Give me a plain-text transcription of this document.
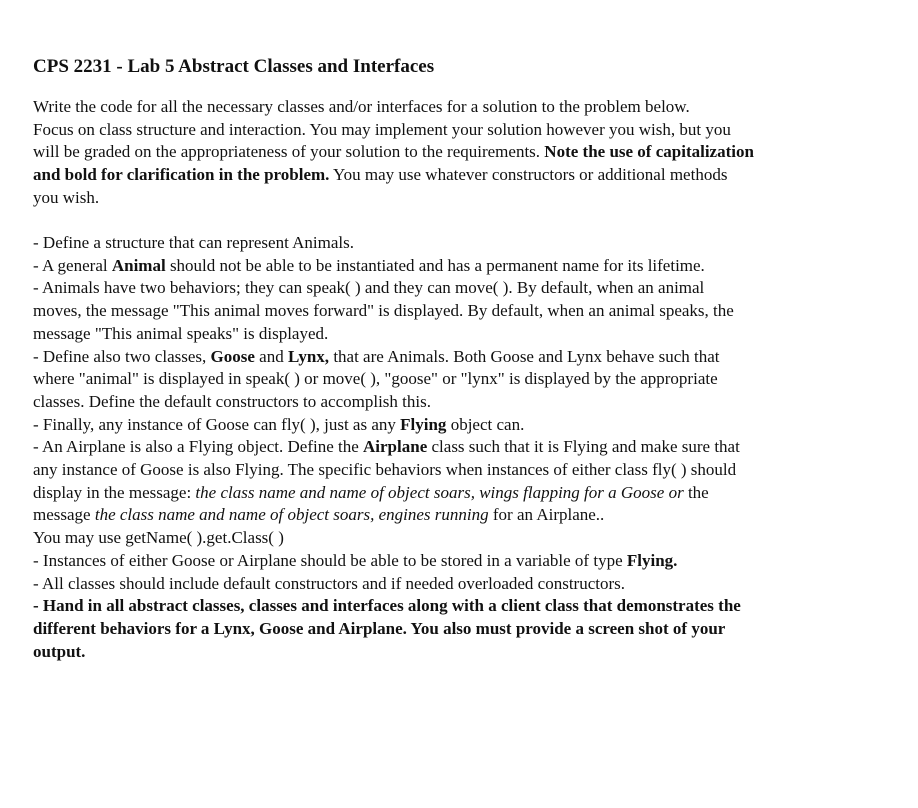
CPS 2231 - Lab 5 Abstract Classes and Interfaces
Write the code for all the necessary classes and/or interfaces for a solution to the problem below.
Focus on class structure and interaction. You may implement your solution however you wish, but you
will be graded on the appropriateness of your solution to the requirements. Note the use of capitalization
and bold for clarification in the problem. You may use whatever constructors or additional methods
you wish.
- Define a structure that can represent Animals.
- A general Animal should not be able to be instantiated and has a permanent name for its lifetime.
- Animals have two behaviors; they can speak( ) and they can move( ). By default, when an animal
moves, the message "This animal moves forward" is displayed. By default, when an animal speaks, the
message "This animal speaks" is displayed.
- Define also two classes, Goose and Lynx, that are Animals. Both Goose and Lynx behave such that
where "animal" is displayed in speak( ) or move( ), "goose" or "lynx" is displayed by the appropriate
classes. Define the default constructors to accomplish this.
- Finally, any instance of Goose can fly( ), just as any Flying object can.
- An Airplane is also a Flying object. Define the Airplane class such that it is Flying and make sure that
any instance of Goose is also Flying. The specific behaviors when instances of either class fly( ) should
display in the message: the class name and name of object soars, wings flapping for a Goose or the
message the class name and name of object soars, engines running for an Airplane..
You may use getName( ).get.Class( )
- Instances of either Goose or Airplane should be able to be stored in a variable of type Flying.
- All classes should include default constructors and if needed overloaded constructors.
- Hand in all abstract classes, classes and interfaces along with a client class that demonstrates the
different behaviors for a Lynx, Goose and Airplane. You also must provide a screen shot of your
output.
